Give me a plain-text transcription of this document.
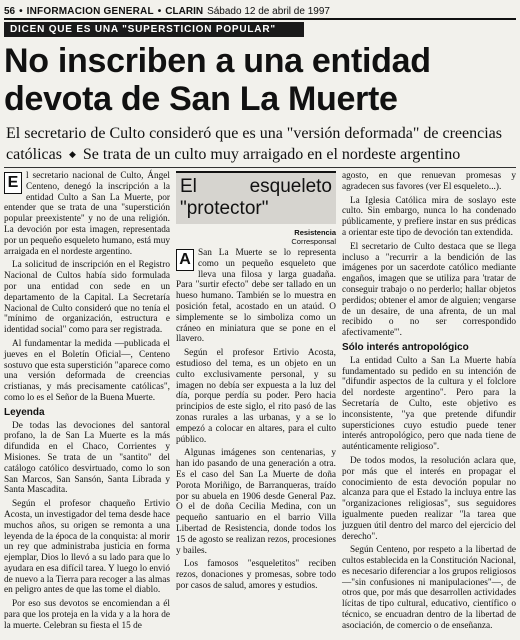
56 • INFORMACION GENERAL • CLARIN Sábado 12 de abril de 1997
DICEN QUE ES UNA "SUPERSTICION POPULAR"
No inscriben a una entidad
devota de San La Muerte
El secretario de Culto consideró que es una "versión deformada" de creencias católicas ◆ Se trata de un culto muy arraigado en el nordeste argentino

E l secretario nacional de Culto, Ángel Centeno, denegó la inscripción a la entidad Culto a San La Muerte, por entender que se trata de una "superstición popular preexistente" y no de una religión. La devoción por esta imagen, representada por un pequeño esqueleto humano, está muy arraigada en el nordeste argentino.

La solicitud de inscripción en el Registro Nacional de Cultos había sido formulada por una entidad con sede en un departamento de la Capital. La Secretaría Nacional de Culto consideró que no tenía el "mínimo de organización, estructura e identidad social" como para ser registrada.

Al fundamentar la medida —publicada el jueves en el Boletín Oficial—, Centeno sostuvo que esta superstición "aparece como una versión deformada de creencias cristianas, y más precisamente católicas", como lo es el Señor de la Buena Muerte.

Leyenda

De todas las devociones del santoral profano, la de San La Muerte es la más difundida en el Chaco, Corrientes y Misiones. Se trata de un "santito" del catálogo católico desvirtuado, como lo son San Marcos, San Sansón, Santa Librada y Santa Mascadita.

Según el profesor chaqueño Ertivio Acosta, un investigador del tema desde hace muchos años, su origen se remonta a una leyenda de la época de la conquista: al morir un rey que administraba justicia en forma ejemplar, Dios lo llevó a su lado para que lo ayudara en esa difícil tarea. Y luego lo envió de nuevo a la Tierra para recoger a las almas en peligro antes de que las tome el diablo.

Por eso sus devotos se encomiendan a él para que los proteja en la vida y a la hora de la muerte. Celebran su fiesta el 15 de

El esqueleto "protector"
Resistencia
Corresponsal

A San La Muerte se lo representa como un pequeño esqueleto que lleva una filosa y larga guadaña. Para "surtir efecto" debe ser tallado en un hueso humano. También se lo muestra en posición fetal, acostado en un ataúd. O simplemente se lo simboliza como un cráneo en miniatura que se pone en el llavero.

Según el profesor Ertivio Acosta, estudioso del tema, es un objeto en un culto exclusivamente personal, y su imagen no debía ser expuesta a la luz del día, porque perdía su poder. Pero hacia principios de este siglo, el rito pasó de las zonas rurales a las urbanas, y a se lo empezó a colocar en altares, para el culto público.

Algunas imágenes son centenarias, y han ido pasando de una generación a otra. Es el caso del San La Muerte de doña Porota Moriñigo, de Barranqueras, traído por su abuela en 1906 desde General Paz. O el de doña Cecilia Medina, con un pequeño santuario en el barrio Villa Libertad de Resistencia, donde todos los 15 de agosto se realizan rezos, procesiones y bailes.

Los famosos "esqueletitos" reciben rezos, donaciones y promesas, sobre todo por casos de salud, amores y estudios.

agosto, en que renuevan promesas y agradecen sus favores (ver El esqueleto...).

La Iglesia Católica mira de soslayo este culto. Sin embargo, nunca lo ha condenado públicamente, y prefiere instar en sus prédicas a orientar este tipo de devoción tan extendida.

El secretario de Culto destaca que se llega incluso a "recurrir a la bendición de las imágenes por un sacerdote católico mediante engaños, imagen que se utiliza para 'tratar de conseguir trabajo o no perderlo; hallar objetos perdidos; obtener el amor de alguien; vengarse de un desaire, de una afrenta, de un mal recibido o no ser correspondido afectivamente'".

Sólo interés antropológico

La entidad Culto a San La Muerte había fundamentado su pedido en su intención de "difundir aspectos de la cultura y el folclore del nordeste argentino". Pero para la Secretaría de Culto, este objetivo es inconsistente, "ya que pretende difundir supersticiones cuyo estudio puede tener interés antropológico, pero que nada tiene de auténticamente religioso".

De todos modos, la resolución aclara que, por más que el interés en propagar el conocimiento de esta devoción popular no alcanza para que el Estado la incluya entre las "organizaciones religiosas", sus seguidores igualmente pueden realizar "la tarea que juzguen útil dentro del marco del ejercicio del derecho".

Según Centeno, por respeto a la libertad de cultos establecida en la Constitución Nacional, es necesario diferenciar a los grupos religiosos —"sin confusiones ni manipulaciones"—, de otros que, por más que desarrollen actividades lícitas de tipo cultural, educativo, científico o técnico, se encuadran dentro de la libertad de asociación, de comercio o de enseñanza.
